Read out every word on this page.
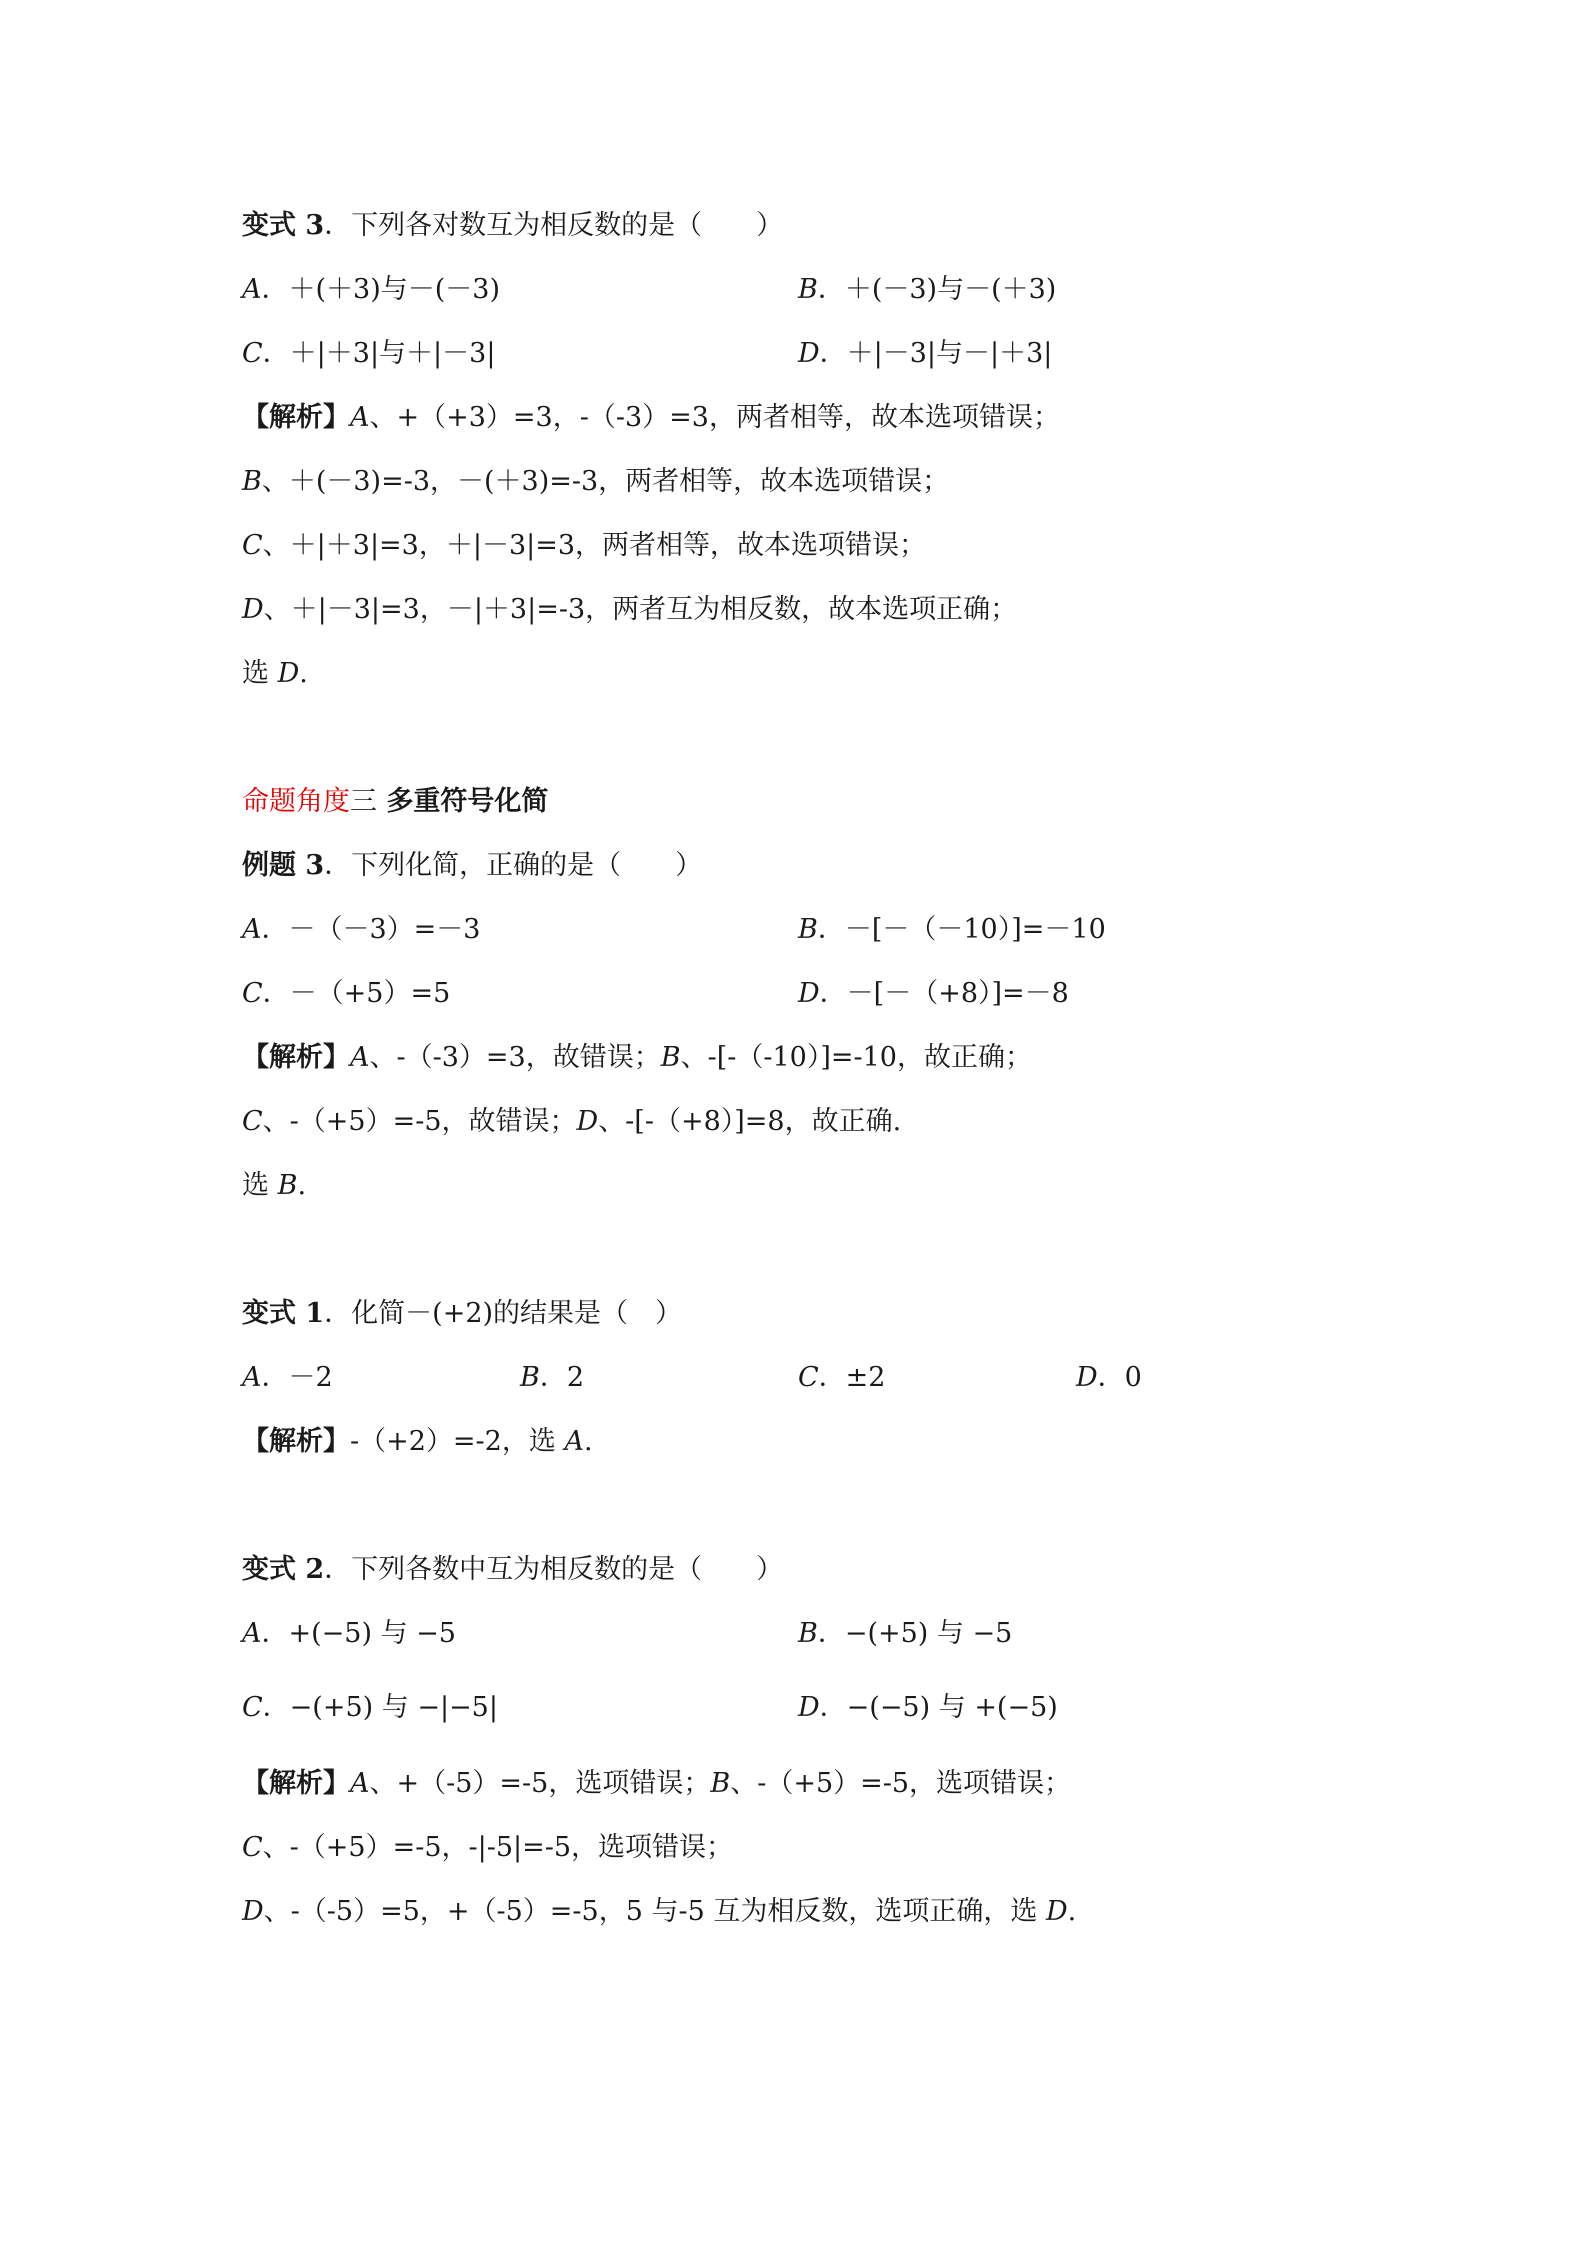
变式 3．下列各对数互为相反数的是（　　）
A．＋(＋3)与－(－3)	B．＋(－3)与－(＋3)
C．＋|＋3|与＋|－3|	D．＋|－3|与－|＋3|
【解析】A、+（+3）=3，-（-3）=3，两者相等，故本选项错误；
B、＋(－3)=-3，－(＋3)=-3，两者相等，故本选项错误；
C、＋|＋3|=3，＋|－3|=3，两者相等，故本选项错误；
D、＋|－3|=3，－|＋3|=-3，两者互为相反数，故本选项正确；
选 D.
命题角度三 多重符号化简
例题 3．下列化简，正确的是（　　）
A．－（－3）=－3	B．－[－（－10）]=－10
C．－（+5）=5	D．－[－（+8）]=－8
【解析】A、-（-3）=3，故错误；B、-[-（-10）]=-10，故正确；
C、-（+5）=-5，故错误；D、-[-（+8）]=8，故正确.
选 B.
变式 1．化简－(+2)的结果是（　）
A．－2	B．2	C．±2	D．0
【解析】-（+2）=-2，选 A.
变式 2．下列各数中互为相反数的是（　　）
A．+(−5) 与 −5	B．−(+5) 与 −5
C．−(+5) 与 −|−5|	D．−(−5) 与 +(−5)
【解析】A、+（-5）=-5，选项错误；B、-（+5）=-5，选项错误；
C、-（+5）=-5，-|-5|=-5，选项错误；
D、-（-5）=5，+（-5）=-5，5 与-5 互为相反数，选项正确，选 D.
